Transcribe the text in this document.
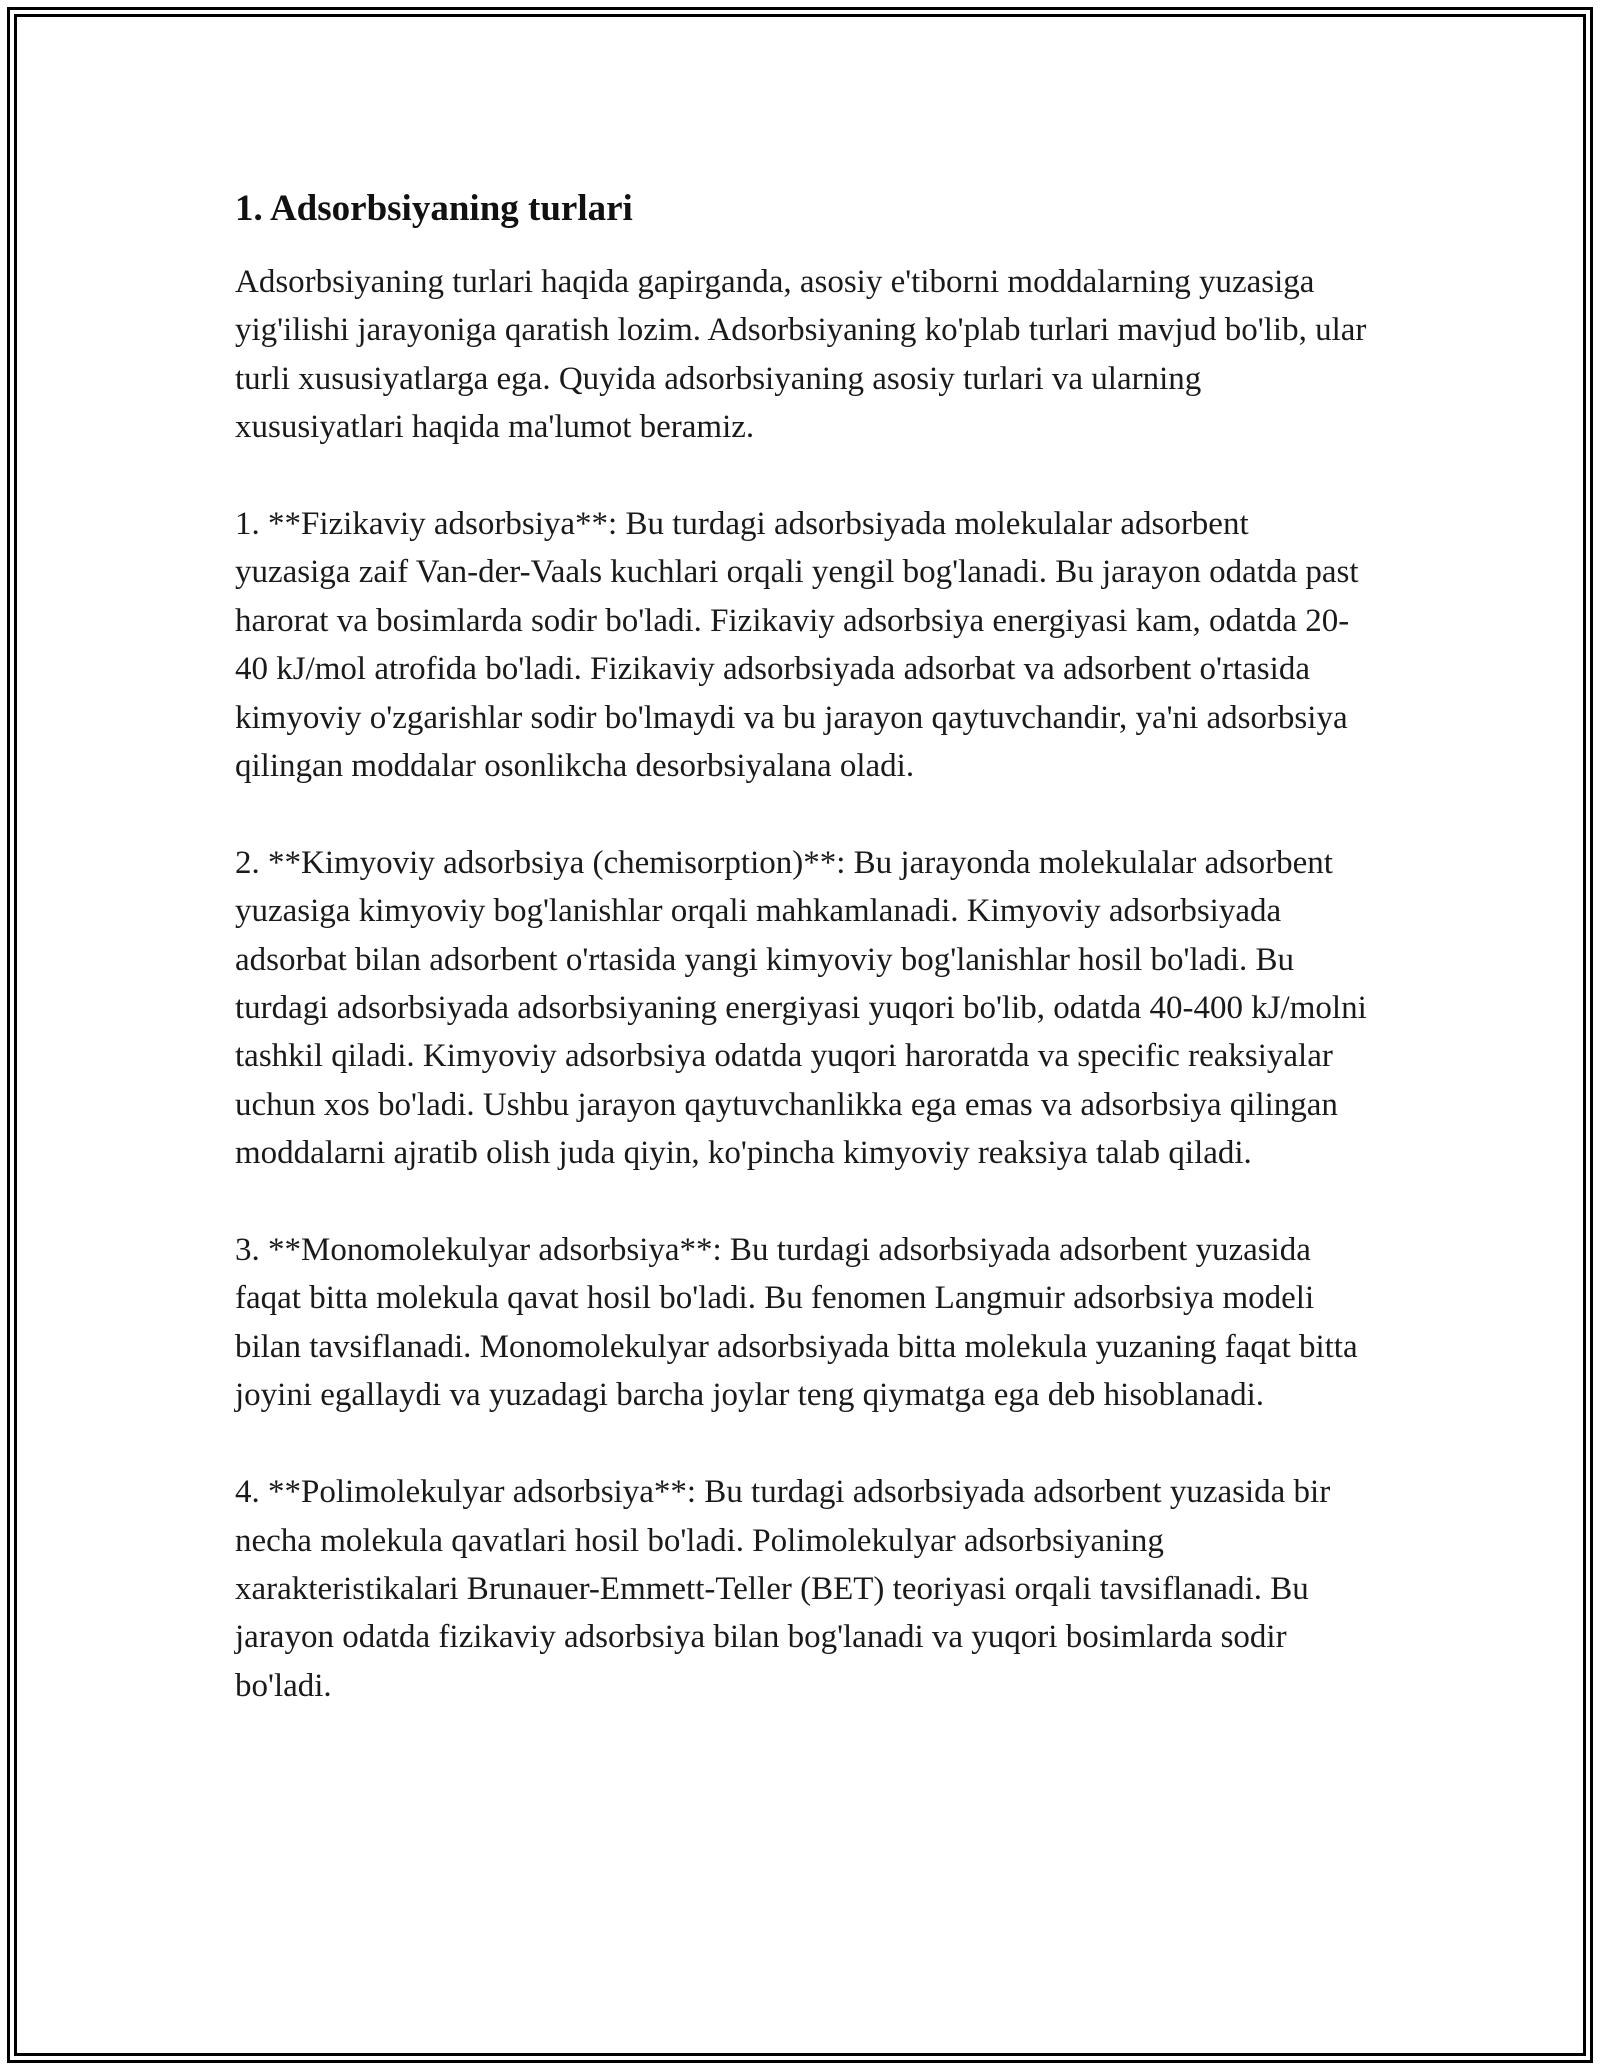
1. Adsorbsiyaning turlari

Adsorbsiyaning turlari haqida gapirganda, asosiy e'tiborni moddalarning yuzasiga yig'ilishi jarayoniga qaratish lozim. Adsorbsiyaning ko'plab turlari mavjud bo'lib, ular turli xususiyatlarga ega. Quyida adsorbsiyaning asosiy turlari va ularning xususiyatlari haqida ma'lumot beramiz.

1. **Fizikaviy adsorbsiya**: Bu turdagi adsorbsiyada molekulalar adsorbent yuzasiga zaif Van-der-Vaals kuchlari orqali yengil bog'lanadi. Bu jarayon odatda past harorat va bosimlarda sodir bo'ladi. Fizikaviy adsorbsiya energiyasi kam, odatda 20-40 kJ/mol atrofida bo'ladi. Fizikaviy adsorbsiyada adsorbat va adsorbent o'rtasida kimyoviy o'zgarishlar sodir bo'lmaydi va bu jarayon qaytuvchandir, ya'ni adsorbsiya qilingan moddalar osonlikcha desorbsiyalana oladi.

2. **Kimyoviy adsorbsiya (chemisorption)**: Bu jarayonda molekulalar adsorbent yuzasiga kimyoviy bog'lanishlar orqali mahkamlanadi. Kimyoviy adsorbsiyada adsorbat bilan adsorbent o'rtasida yangi kimyoviy bog'lanishlar hosil bo'ladi. Bu turdagi adsorbsiyada adsorbsiyaning energiyasi yuqori bo'lib, odatda 40-400 kJ/molni tashkil qiladi. Kimyoviy adsorbsiya odatda yuqori haroratda va specific reaksiyalar uchun xos bo'ladi. Ushbu jarayon qaytuvchanlikka ega emas va adsorbsiya qilingan moddalarni ajratib olish juda qiyin, ko'pincha kimyoviy reaksiya talab qiladi.

3. **Monomolekulyar adsorbsiya**: Bu turdagi adsorbsiyada adsorbent yuzasida faqat bitta molekula qavat hosil bo'ladi. Bu fenomen Langmuir adsorbsiya modeli bilan tavsiflanadi. Monomolekulyar adsorbsiyada bitta molekula yuzaning faqat bitta joyini egallaydi va yuzadagi barcha joylar teng qiymatga ega deb hisoblanadi.

4. **Polimolekulyar adsorbsiya**: Bu turdagi adsorbsiyada adsorbent yuzasida bir necha molekula qavatlari hosil bo'ladi. Polimolekulyar adsorbsiyaning xarakteristikalari Brunauer-Emmett-Teller (BET) teoriyasi orqali tavsiflanadi. Bu jarayon odatda fizikaviy adsorbsiya bilan bog'lanadi va yuqori bosimlarda sodir bo'ladi.
